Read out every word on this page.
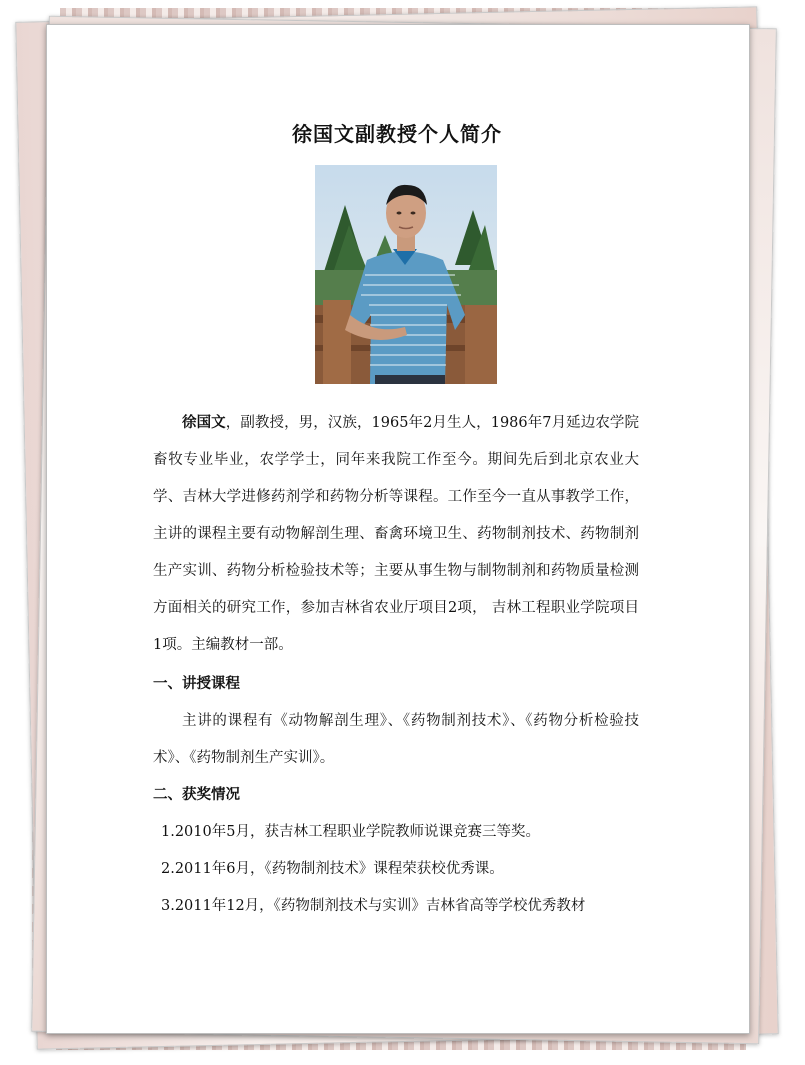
徐国文副教授个人简介

徐国文，副教授，男，汉族，1965年2月生人，1986年7月延边农学院畜牧专业毕业，农学学士，同年来我院工作至今。期间先后到北京农业大学、吉林大学进修药剂学和药物分析等课程。工作至今一直从事教学工作，主讲的课程主要有动物解剖生理、畜禽环境卫生、药物制剂技术、药物制剂生产实训、药物分析检验技术等；主要从事生物与制物制剂和药物质量检测方面相关的研究工作，参加吉林省农业厅项目2项， 吉林工程职业学院项目1项。主编教材一部。

一、讲授课程

主讲的课程有《动物解剖生理》、《药物制剂技术》、《药物分析检验技术》、《药物制剂生产实训》。

二、获奖情况

1.2010年5月，获吉林工程职业学院教师说课竞赛三等奖。

2.2011年6月，《药物制剂技术》课程荣获校优秀课。

3.2011年12月，《药物制剂技术与实训》吉林省高等学校优秀教材
